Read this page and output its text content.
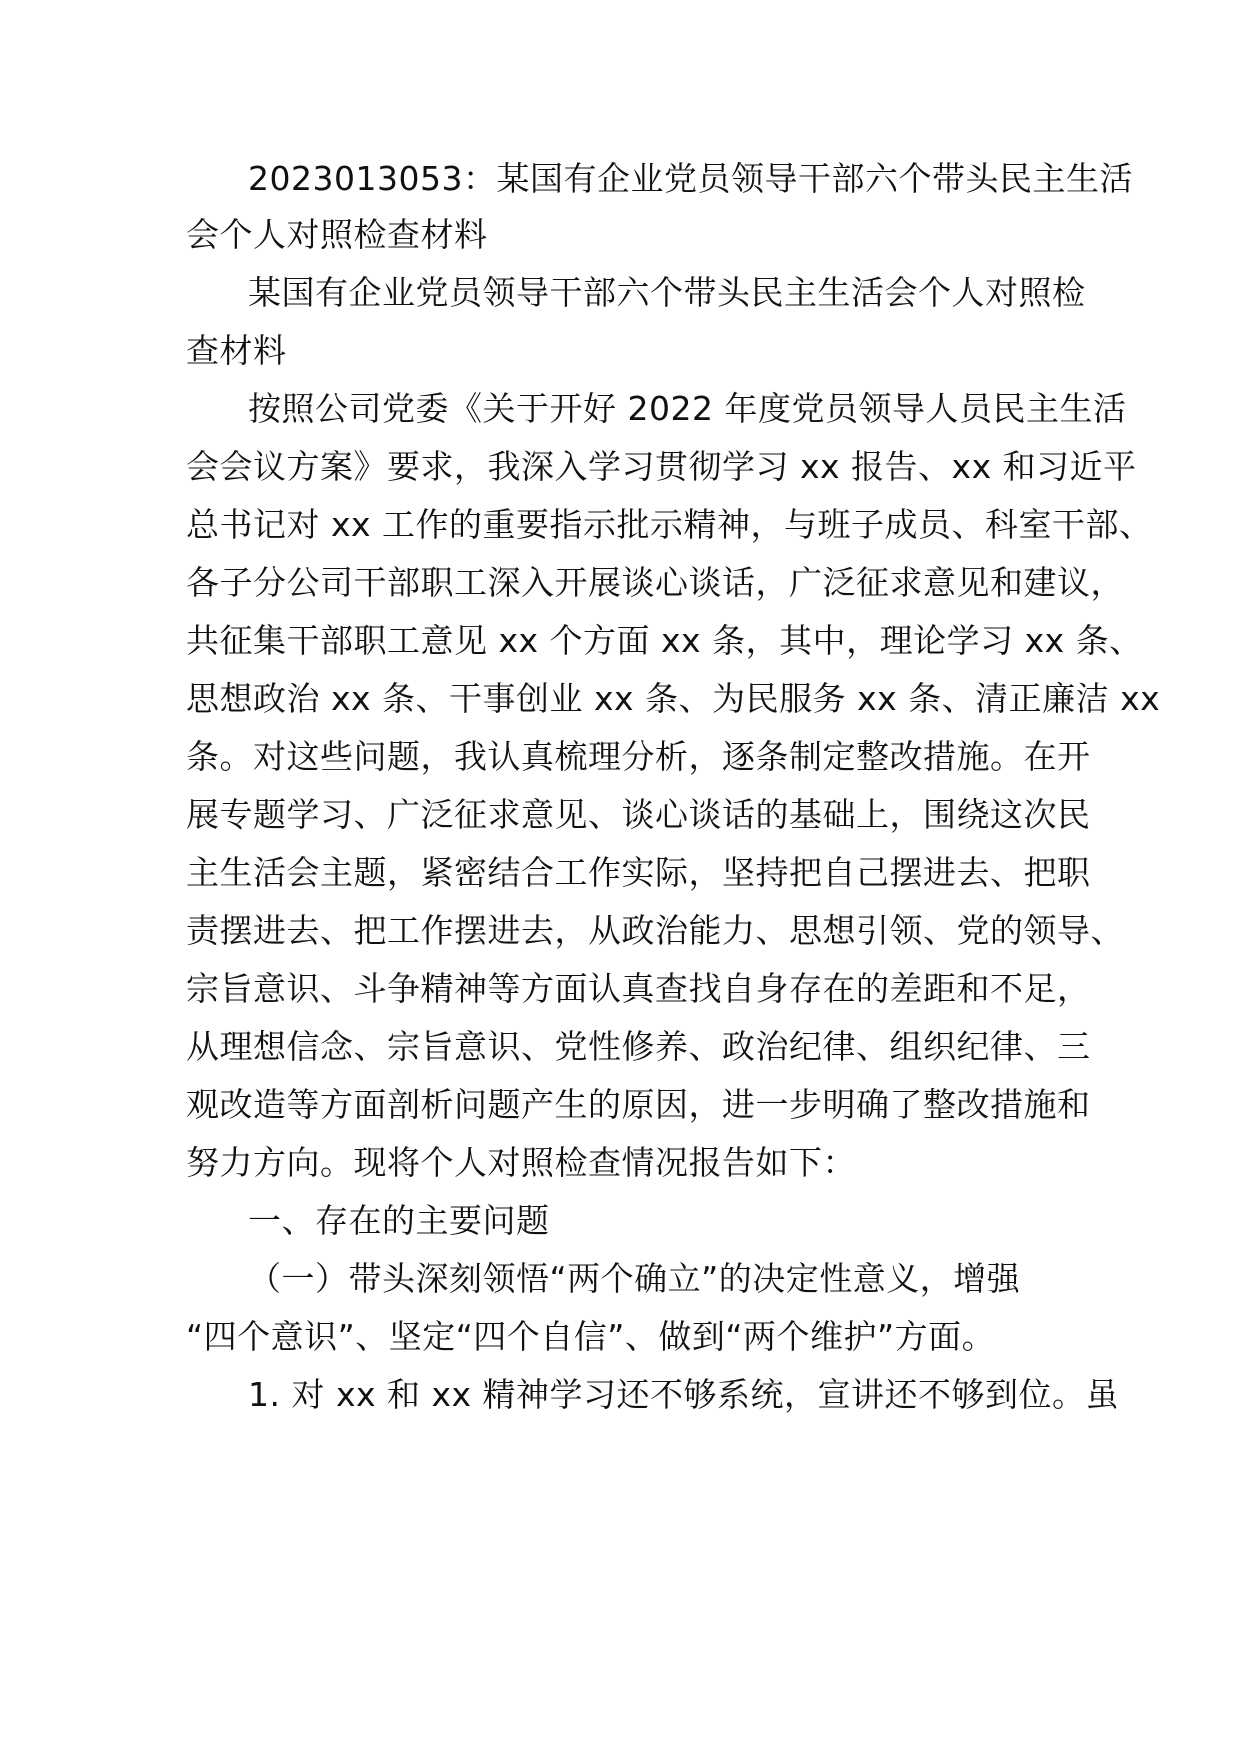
2023013053：某国有企业党员领导干部六个带头民主生活
会个人对照检查材料
某国有企业党员领导干部六个带头民主生活会个人对照检
查材料
按照公司党委《关于开好 2022 年度党员领导人员民主生活
会会议方案》要求，我深入学习贯彻学习 xx 报告、xx 和习近平
总书记对 xx 工作的重要指示批示精神，与班子成员、科室干部、
各子分公司干部职工深入开展谈心谈话，广泛征求意见和建议，
共征集干部职工意见 xx 个方面 xx 条，其中，理论学习 xx 条、
思想政治 xx 条、干事创业 xx 条、为民服务 xx 条、清正廉洁 xx
条。对这些问题，我认真梳理分析，逐条制定整改措施。在开
展专题学习、广泛征求意见、谈心谈话的基础上，围绕这次民
主生活会主题，紧密结合工作实际，坚持把自己摆进去、把职
责摆进去、把工作摆进去，从政治能力、思想引领、党的领导、
宗旨意识、斗争精神等方面认真查找自身存在的差距和不足，
从理想信念、宗旨意识、党性修养、政治纪律、组织纪律、三
观改造等方面剖析问题产生的原因，进一步明确了整改措施和
努力方向。现将个人对照检查情况报告如下：
一、存在的主要问题
（一）带头深刻领悟“两个确立”的决定性意义，增强
“四个意识”、坚定“四个自信”、做到“两个维护”方面。
1. 对 xx 和 xx 精神学习还不够系统，宣讲还不够到位。虽
